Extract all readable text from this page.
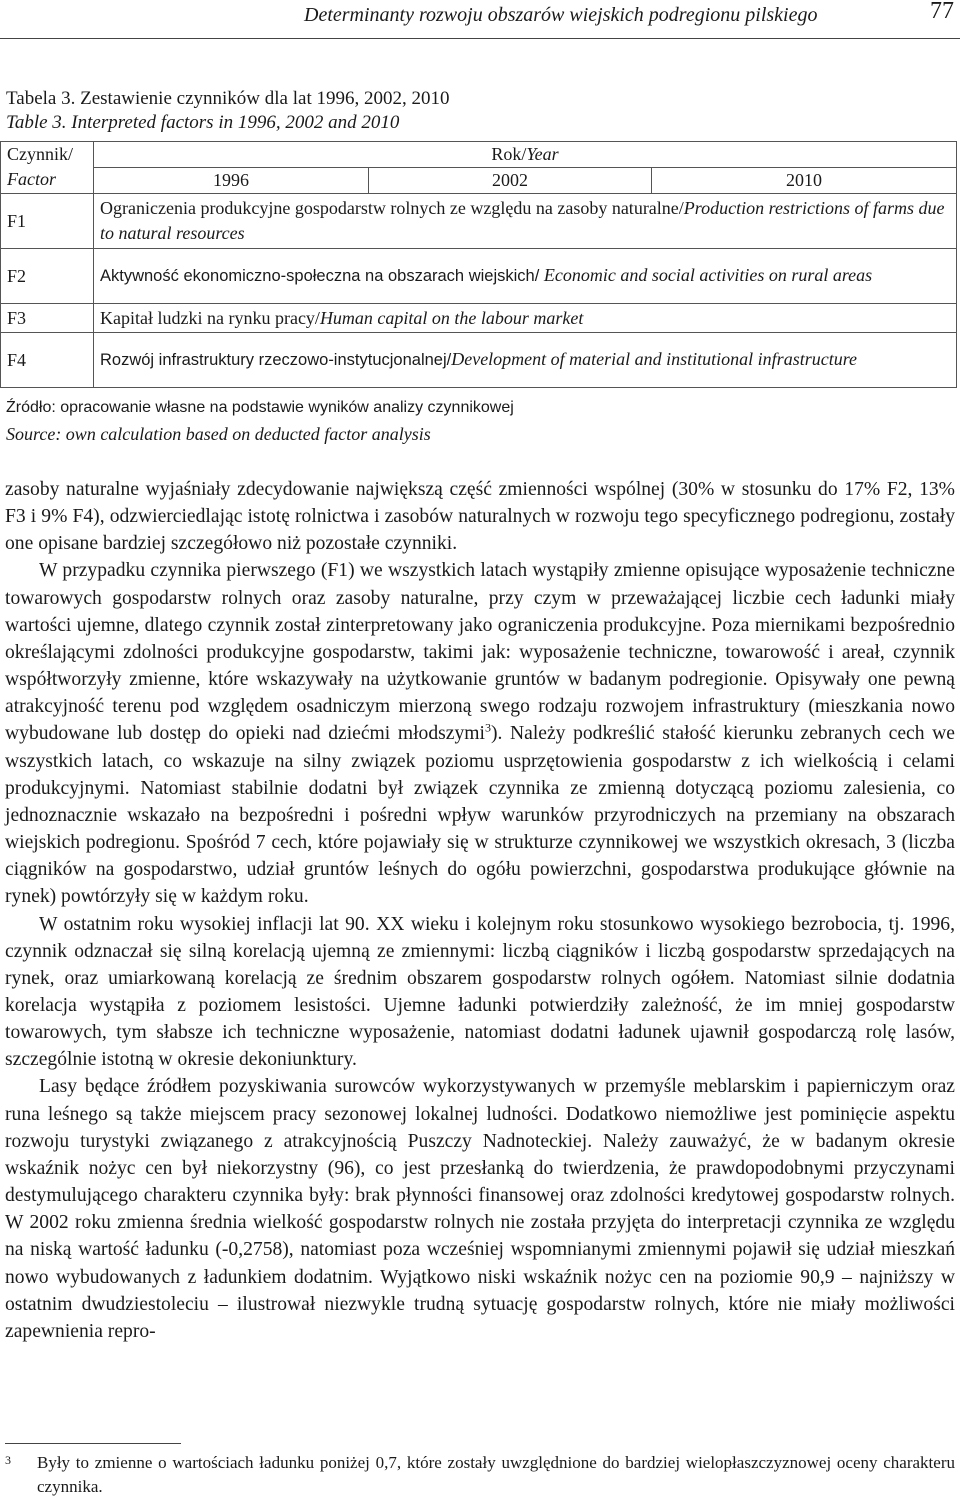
Determinanty rozwoju obszarów wiejskich podregionu pilskiego	77
Tabela 3. Zestawienie czynników dla lat 1996, 2002, 2010
Table 3. Interpreted factors in 1996, 2002 and 2010
Czynnik/
Factor	Rok/Year		
	1996	2002	2010
F1	Ograniczenia produkcyjne gospodarstw rolnych ze względu na zasoby naturalne/Production restrictions of farms due to natural resources		
F2	Aktywność ekonomiczno-społeczna na obszarach wiejskich/ Economic and social activities on rural areas		
F3	Kapitał ludzki na rynku pracy/Human capital on the labour market		
F4	Rozwój infrastruktury rzeczowo-instytucjonalnej/Development of material and institutional infrastructure		
Źródło: opracowanie własne na podstawie wyników analizy czynnikowej
Source: own calculation based on deducted factor analysis

zasoby naturalne wyjaśniały zdecydowanie największą część zmienności wspólnej (30% w stosunku do 17% F2, 13% F3 i 9% F4), odzwierciedlając istotę rolnictwa i zasobów naturalnych w rozwoju tego specyficznego podregionu, zostały one opisane bardziej szczegółowo niż pozostałe czynniki.

W przypadku czynnika pierwszego (F1) we wszystkich latach wystąpiły zmienne opisujące wyposażenie techniczne towarowych gospodarstw rolnych oraz zasoby naturalne, przy czym w przeważającej liczbie cech ładunki miały wartości ujemne, dlatego czynnik został zinterpretowany jako ograniczenia produkcyjne. Poza miernikami bezpośrednio określającymi zdolności produkcyjne gospodarstw, takimi jak: wyposażenie techniczne, towarowość i areał, czynnik współtworzyły zmienne, które wskazywały na użytkowanie gruntów w badanym podregionie. Opisywały one pewną atrakcyjność terenu pod względem osadniczym mierzoną swego rodzaju rozwojem infrastruktury (mieszkania nowo wybudowane lub dostęp do opieki nad dziećmi młodszymi$^3$). Należy podkreślić stałość kierunku zebranych cech we wszystkich latach, co wskazuje na silny związek poziomu usprzętowienia gospodarstw z ich wielkością i celami produkcyjnymi. Natomiast stabilnie dodatni był związek czynnika ze zmienną dotyczącą poziomu zalesienia, co jednoznacznie wskazało na bezpośredni i pośredni wpływ warunków przyrodniczych na przemiany na obszarach wiejskich podregionu. Spośród 7 cech, które pojawiały się w strukturze czynnikowej we wszystkich okresach, 3 (liczba ciągników na gospodarstwo, udział gruntów leśnych do ogółu powierzchni, gospodarstwa produkujące głównie na rynek) powtórzyły się w każdym roku.

W ostatnim roku wysokiej inflacji lat 90. XX wieku i kolejnym roku stosunkowo wysokiego bezrobocia, tj. 1996, czynnik odznaczał się silną korelacją ujemną ze zmiennymi: liczbą ciągników i liczbą gospodarstw sprzedających na rynek, oraz umiarkowaną korelacją ze średnim obszarem gospodarstw rolnych ogółem. Natomiast silnie dodatnia korelacja wystąpiła z poziomem lesistości. Ujemne ładunki potwierdziły zależność, że im mniej gospodarstw towarowych, tym słabsze ich techniczne wyposażenie, natomiast dodatni ładunek ujawnił gospodarczą rolę lasów, szczególnie istotną w okresie dekoniunktury.

Lasy będące źródłem pozyskiwania surowców wykorzystywanych w przemyśle meblarskim i papierniczym oraz runa leśnego są także miejscem pracy sezonowej lokalnej ludności. Dodatkowo niemożliwe jest pominięcie aspektu rozwoju turystyki związanego z atrakcyjnością Puszczy Nadnoteckiej. Należy zauważyć, że w badanym okresie wskaźnik nożyc cen był niekorzystny (96), co jest przesłanką do twierdzenia, że prawdopodobnymi przyczynami destymulującego charakteru czynnika były: brak płynności finansowej oraz zdolności kredytowej gospodarstw rolnych. W 2002 roku zmienna średnia wielkość gospodarstw rolnych nie została przyjęta do interpretacji czynnika ze względu na niską wartość ładunku (-0,2758), natomiast poza wcześniej wspomnianymi zmiennymi pojawił się udział mieszkań nowo wybudowanych z ładunkiem dodatnim. Wyjątkowo niski wskaźnik nożyc cen na poziomie 90,9 – najniższy w ostatnim dwudziestoleciu – ilustrował niezwykle trudną sytuację gospodarstw rolnych, które nie miały możliwości zapewnienia repro-

3 Były to zmienne o wartościach ładunku poniżej 0,7, które zostały uwzględnione do bardziej wielopłaszczyznowej oceny charakteru czynnika.
